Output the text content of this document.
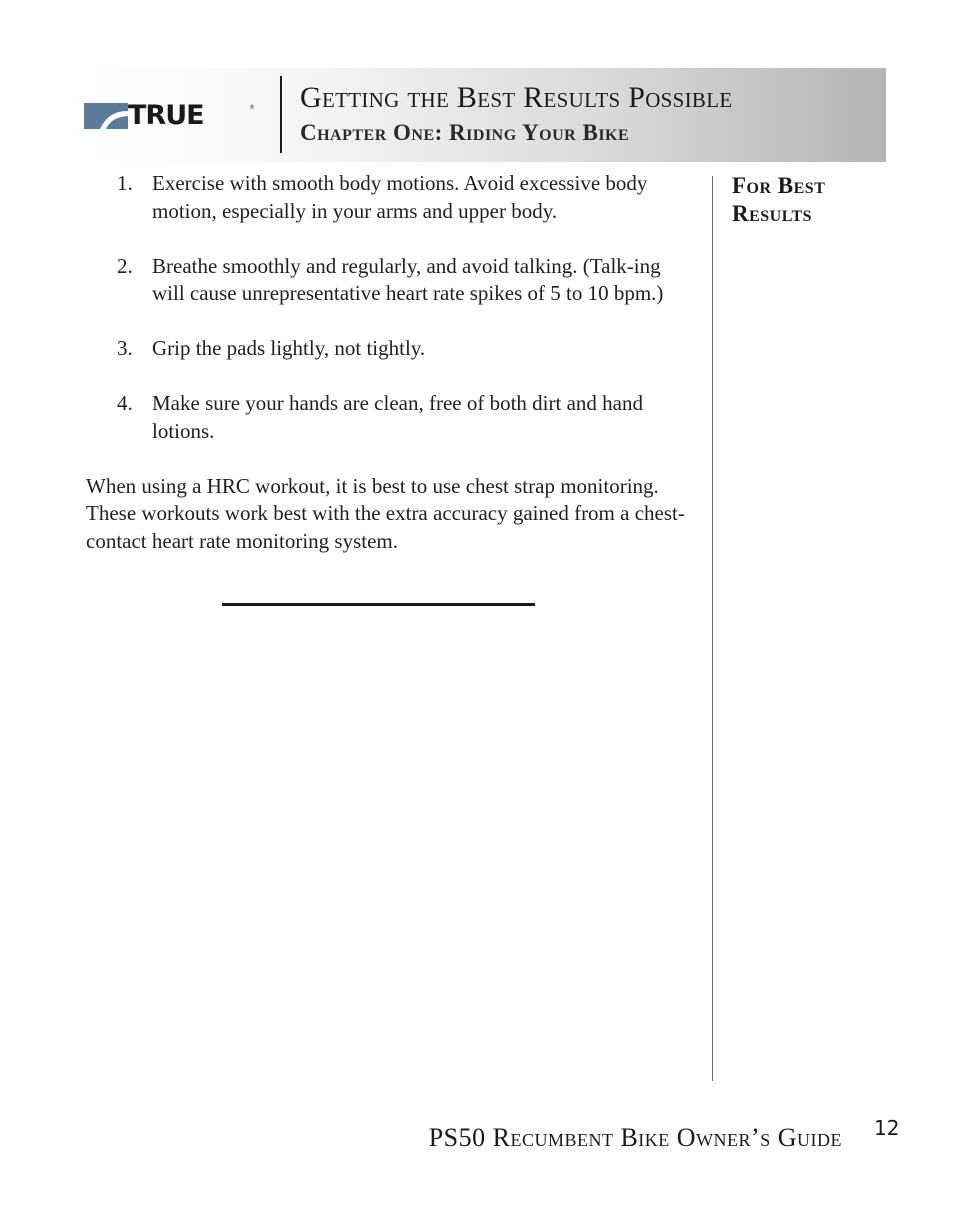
TRUE	® Getting the Best Results Possible
Chapter One: Riding Your Bike
1. Exercise with smooth body motions. Avoid excessive body motion, especially in your arms and upper body.
2. Breathe smoothly and regularly, and avoid talking. (Talk-ing will cause unrepresentative heart rate spikes of 5 to 10 bpm.)
3. Grip the pads lightly, not tightly.
4. Make sure your hands are clean, free of both dirt and hand lotions.

When using a HRC workout, it is best to use chest strap monitoring. These workouts work best with the extra accuracy gained from a chest-contact heart rate monitoring system.

For Best Results
PS50 Recumbent Bike Owner’s Guide 12
